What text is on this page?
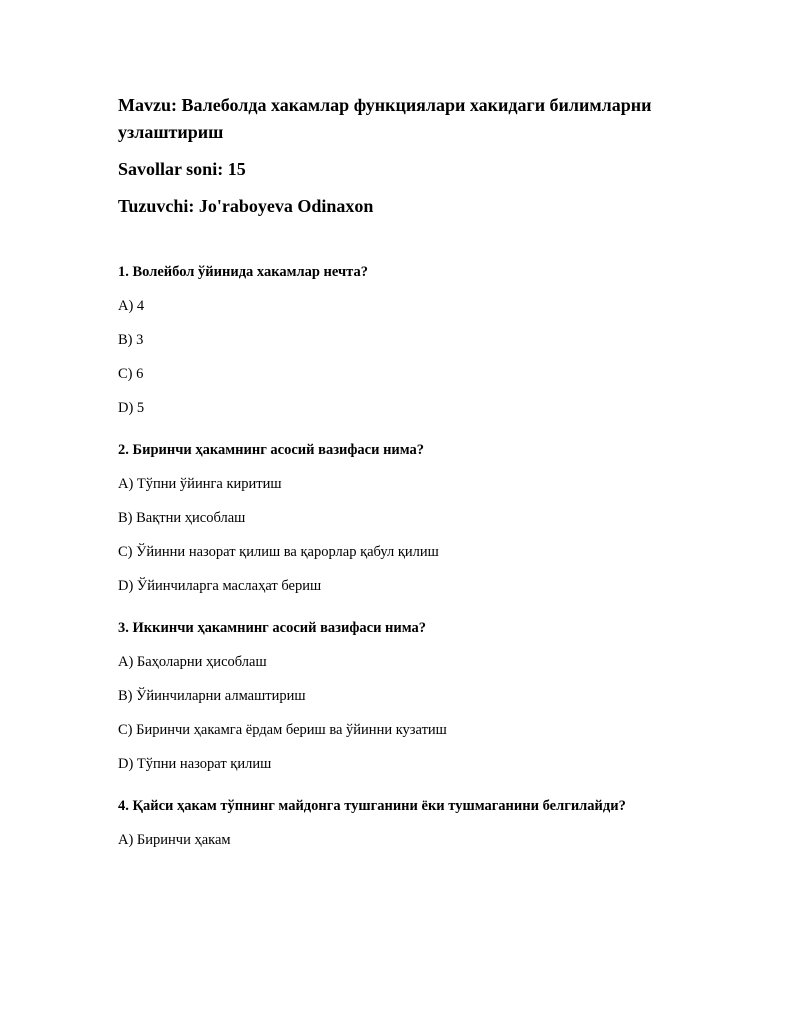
Mavzu: Валеболда хакамлар функциялари хакидаги билимларни узлаштириш

Savollar soni: 15

Tuzuvchi: Jo'raboyeva Odinaxon

1. Волейбол ўйинида хакамлар нечта?

A) 4

B) 3

C) 6

D) 5

2. Биринчи ҳакамнинг асосий вазифаси нима?

A) Тўпни ўйинга киритиш

B) Вақтни ҳисоблаш

C) Ўйинни назорат қилиш ва қарорлар қабул қилиш

D) Ўйинчиларга маслаҳат бериш

3. Иккинчи ҳакамнинг асосий вазифаси нима?

A) Баҳоларни ҳисоблаш

B) Ўйинчиларни алмаштириш

C) Биринчи ҳакамга ёрдам бериш ва ўйинни кузатиш

D) Тўпни назорат қилиш

4. Қайси ҳакам тўпнинг майдонга тушганини ёки тушмаганини белгилайди?

A) Биринчи ҳакам
